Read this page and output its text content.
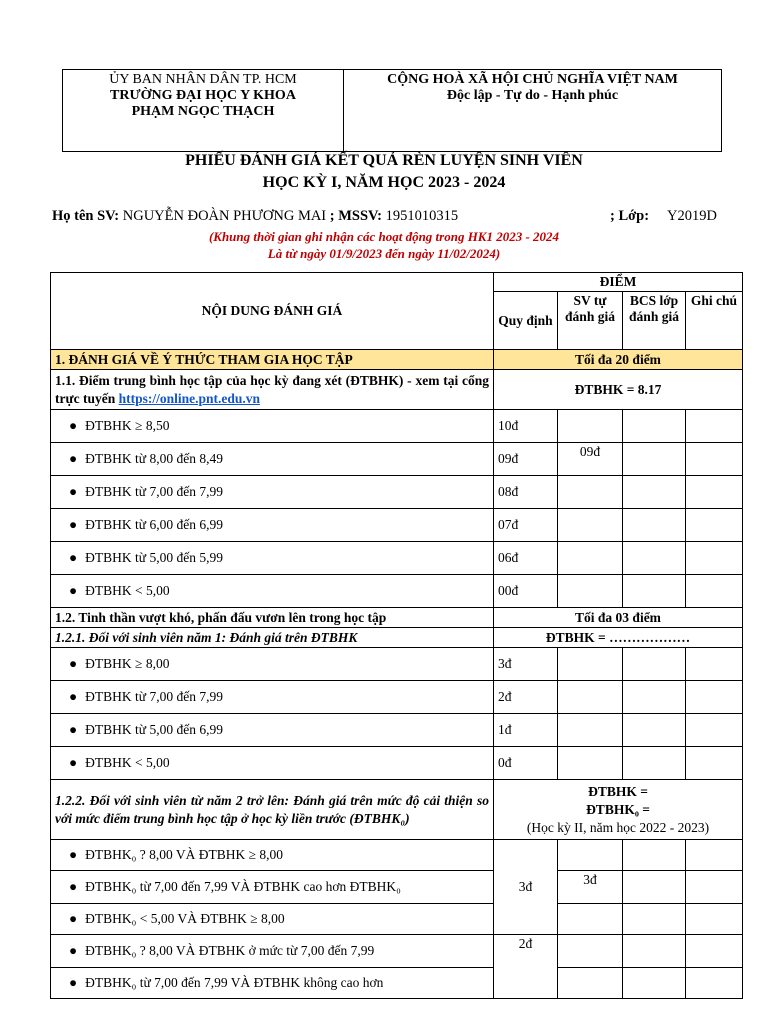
ỦY BAN NHÂN DÂN TP. HCM
TRƯỜNG ĐẠI HỌC Y KHOA
PHẠM NGỌC THẠCH

CỘNG HOÀ XÃ HỘI CHỦ NGHĨA VIỆT NAM
Độc lập - Tự do - Hạnh phúc
PHIẾU ĐÁNH GIÁ KẾT QUẢ RÈN LUYỆN SINH VIÊN
HỌC KỲ I, NĂM HỌC 2023 - 2024
Họ tên SV: NGUYỄN ĐOÀN PHƯƠNG MAI ; MSSV: 1951010315	; Lớp: Y2019D
(Khung thời gian ghi nhận các hoạt động trong HK1 2023 - 2024
Là từ ngày 01/9/2023 đến ngày 11/02/2024)
NỘI DUNG ĐÁNH GIÁ	ĐIỂM			
	Quy định	SV tự đánh giá	BCS lớp đánh giá	Ghi chú
1. ĐÁNH GIÁ VỀ Ý THỨC THAM GIA HỌC TẬP	Tối đa 20 điểm			
1.1. Điểm trung bình học tập của học kỳ đang xét (ĐTBHK) - xem tại cổng trực tuyến https://online.pnt.edu.vn	ĐTBHK = 8.17			
● ĐTBHK ≥ 8,50	10đ			
● ĐTBHK từ 8,00 đến 8,49	09đ	09đ		
● ĐTBHK từ 7,00 đến 7,99	08đ			
● ĐTBHK từ 6,00 đến 6,99	07đ			
● ĐTBHK từ 5,00 đến 5,99	06đ			
● ĐTBHK < 5,00	00đ			
1.2. Tinh thần vượt khó, phấn đấu vươn lên trong học tập	Tối đa 03 điểm			
1.2.1. Đối với sinh viên năm 1: Đánh giá trên ĐTBHK	ĐTBHK = ………………			
● ĐTBHK ≥ 8,00	3đ			
● ĐTBHK từ 7,00 đến 7,99	2đ			
● ĐTBHK từ 5,00 đến 6,99	1đ			
● ĐTBHK < 5,00	0đ			
1.2.2. Đối với sinh viên từ năm 2 trở lên: Đánh giá trên mức độ cải thiện so với mức điểm trung bình học tập ở học kỳ liền trước (ĐTBHK₀)	ĐTBHK =
ĐTBHK₀ =
(Học kỳ II, năm học 2022 - 2023)			

● ĐTBHK₀ ? 8,00 VÀ ĐTBHK ≥ 8,00	3đ			
● ĐTBHK₀ từ 7,00 đến 7,99 VÀ ĐTBHK cao hơn ĐTBHK₀		3đ		
● ĐTBHK₀ < 5,00 VÀ ĐTBHK ≥ 8,00				
● ĐTBHK₀ ? 8,00 VÀ ĐTBHK ở mức từ 7,00 đến 7,99	2đ			
● ĐTBHK₀ từ 7,00 đến 7,99 VÀ ĐTBHK không cao hơn				
